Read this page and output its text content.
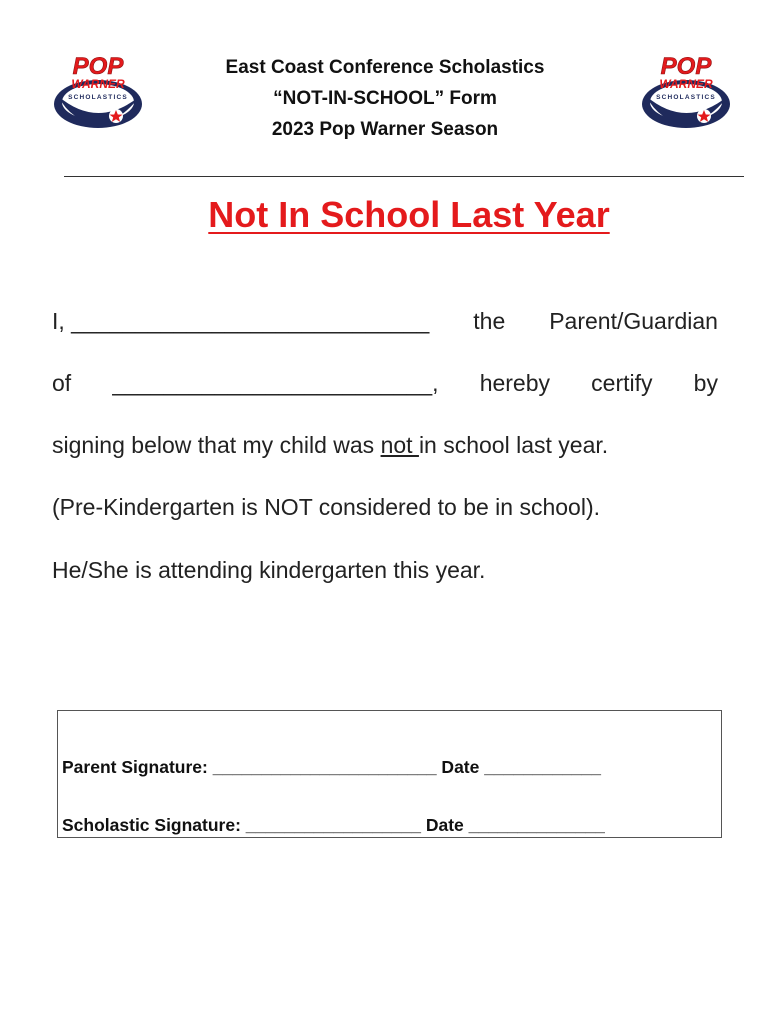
POP
WARNER
SCHOLASTICS
POP
WARNER
SCHOLASTICS
East Coast Conference Scholastics
“NOT-IN-SCHOOL” Form
2023 Pop Warner Season
Not In School Last Year
I, ____________________________ the Parent/Guardian
of _________________________, hereby certify by
signing below that my child was not in school last year.
(Pre-Kindergarten is NOT considered to be in school).
He/She is attending kindergarten this year.
Parent Signature: _______________________ Date ____________
Scholastic Signature: __________________ Date ______________
